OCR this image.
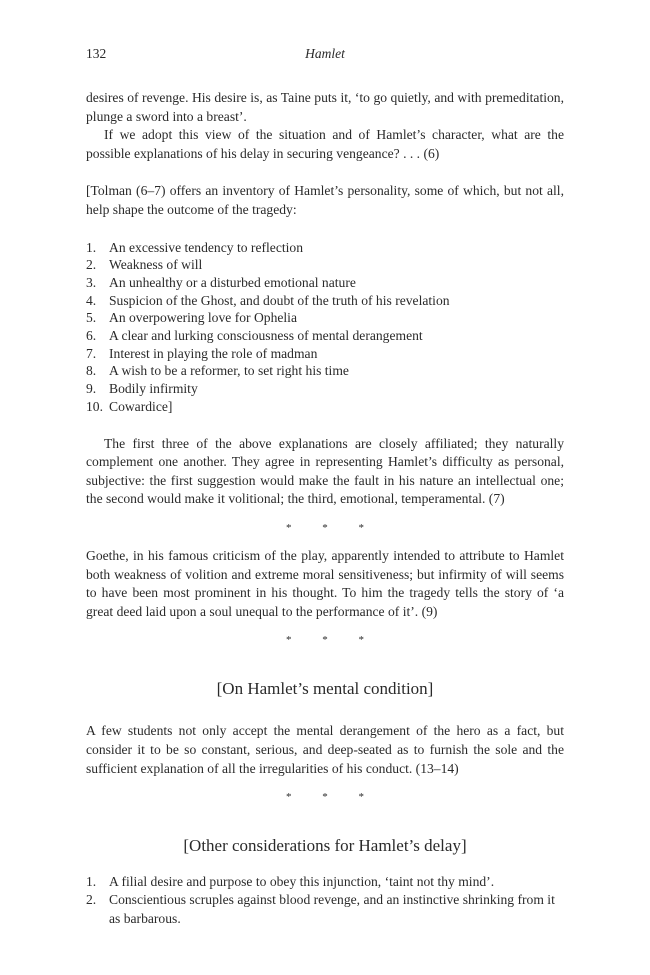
132	Hamlet

desires of revenge. His desire is, as Taine puts it, ‘to go quietly, and with premeditation, plunge a sword into a breast’.

If we adopt this view of the situation and of Hamlet’s character, what are the possible explanations of his delay in securing vengeance? . . . (6)

[Tolman (6–7) offers an inventory of Hamlet’s personality, some of which, but not all, help shape the outcome of the tragedy:

1. An excessive tendency to reflection
2. Weakness of will
3. An unhealthy or a disturbed emotional nature
4. Suspicion of the Ghost, and doubt of the truth of his revelation
5. An overpowering love for Ophelia
6. A clear and lurking consciousness of mental derangement
7. Interest in playing the role of madman
8. A wish to be a reformer, to set right his time
9. Bodily infirmity
10. Cowardice]

The first three of the above explanations are closely affiliated; they naturally complement one another. They agree in representing Hamlet’s difficulty as personal, subjective: the first suggestion would make the fault in his nature an intellectual one; the second would make it volitional; the third, emotional, temperamental. (7)

* * *

Goethe, in his famous criticism of the play, apparently intended to attribute to Hamlet both weakness of volition and extreme moral sensitiveness; but infirmity of will seems to have been most prominent in his thought. To him the tragedy tells the story of ‘a great deed laid upon a soul unequal to the performance of it’. (9)

* * *
[On Hamlet’s mental condition]

A few students not only accept the mental derangement of the hero as a fact, but consider it to be so constant, serious, and deep-seated as to furnish the sole and the sufficient explanation of all the irregularities of his conduct. (13–14)

* * *
[Other considerations for Hamlet’s delay]
1. A filial desire and purpose to obey this injunction, ‘taint not thy mind’.
2. Conscientious scruples against blood revenge, and an instinctive shrinking from it as barbarous.
